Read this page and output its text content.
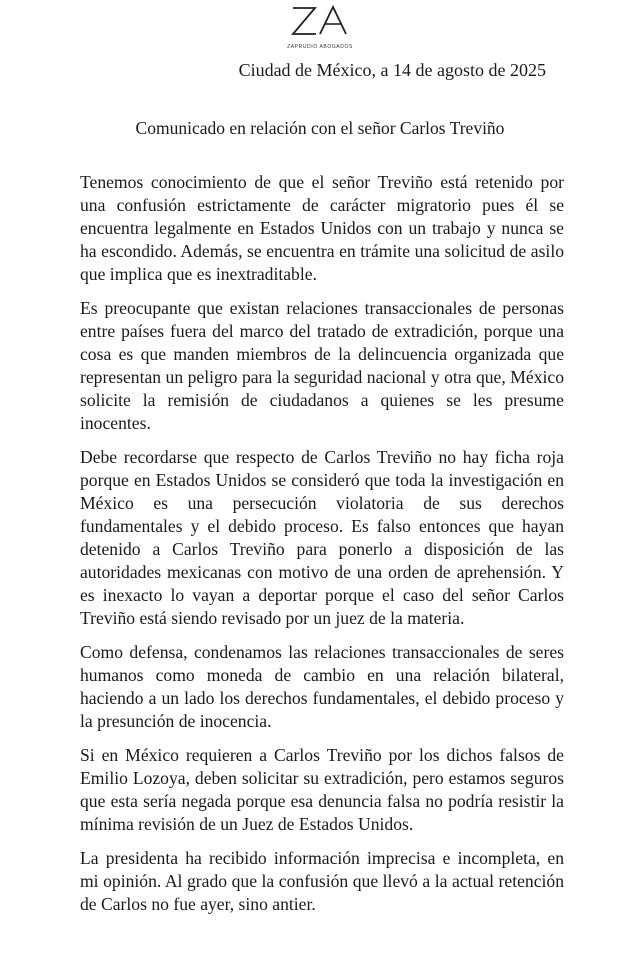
ZAPRUDIO ABOGADOS
Ciudad de México, a 14 de agosto de 2025
Comunicado en relación con el señor Carlos Treviño

Tenemos conocimiento de que el señor Treviño está retenido por una confusión estrictamente de carácter migratorio pues él se encuentra legalmente en Estados Unidos con un trabajo y nunca se ha escondido. Además, se encuentra en trámite una solicitud de asilo que implica que es inextraditable.

Es preocupante que existan relaciones transaccionales de personas entre países fuera del marco del tratado de extradición, porque una cosa es que manden miembros de la delincuencia organizada que representan un peligro para la seguridad nacional y otra que, México solicite la remisión de ciudadanos a quienes se les presume inocentes.

Debe recordarse que respecto de Carlos Treviño no hay ficha roja porque en Estados Unidos se consideró que toda la investigación en México es una persecución violatoria de sus derechos fundamentales y el debido proceso. Es falso entonces que hayan detenido a Carlos Treviño para ponerlo a disposición de las autoridades mexicanas con motivo de una orden de aprehensión. Y es inexacto lo vayan a deportar porque el caso del señor Carlos Treviño está siendo revisado por un juez de la materia.

Como defensa, condenamos las relaciones transaccionales de seres humanos como moneda de cambio en una relación bilateral, haciendo a un lado los derechos fundamentales, el debido proceso y la presunción de inocencia.

Si en México requieren a Carlos Treviño por los dichos falsos de Emilio Lozoya, deben solicitar su extradición, pero estamos seguros que esta sería negada porque esa denuncia falsa no podría resistir la mínima revisión de un Juez de Estados Unidos.

La presidenta ha recibido información imprecisa e incompleta, en mi opinión. Al grado que la confusión que llevó a la actual retención de Carlos no fue ayer, sino antier.
